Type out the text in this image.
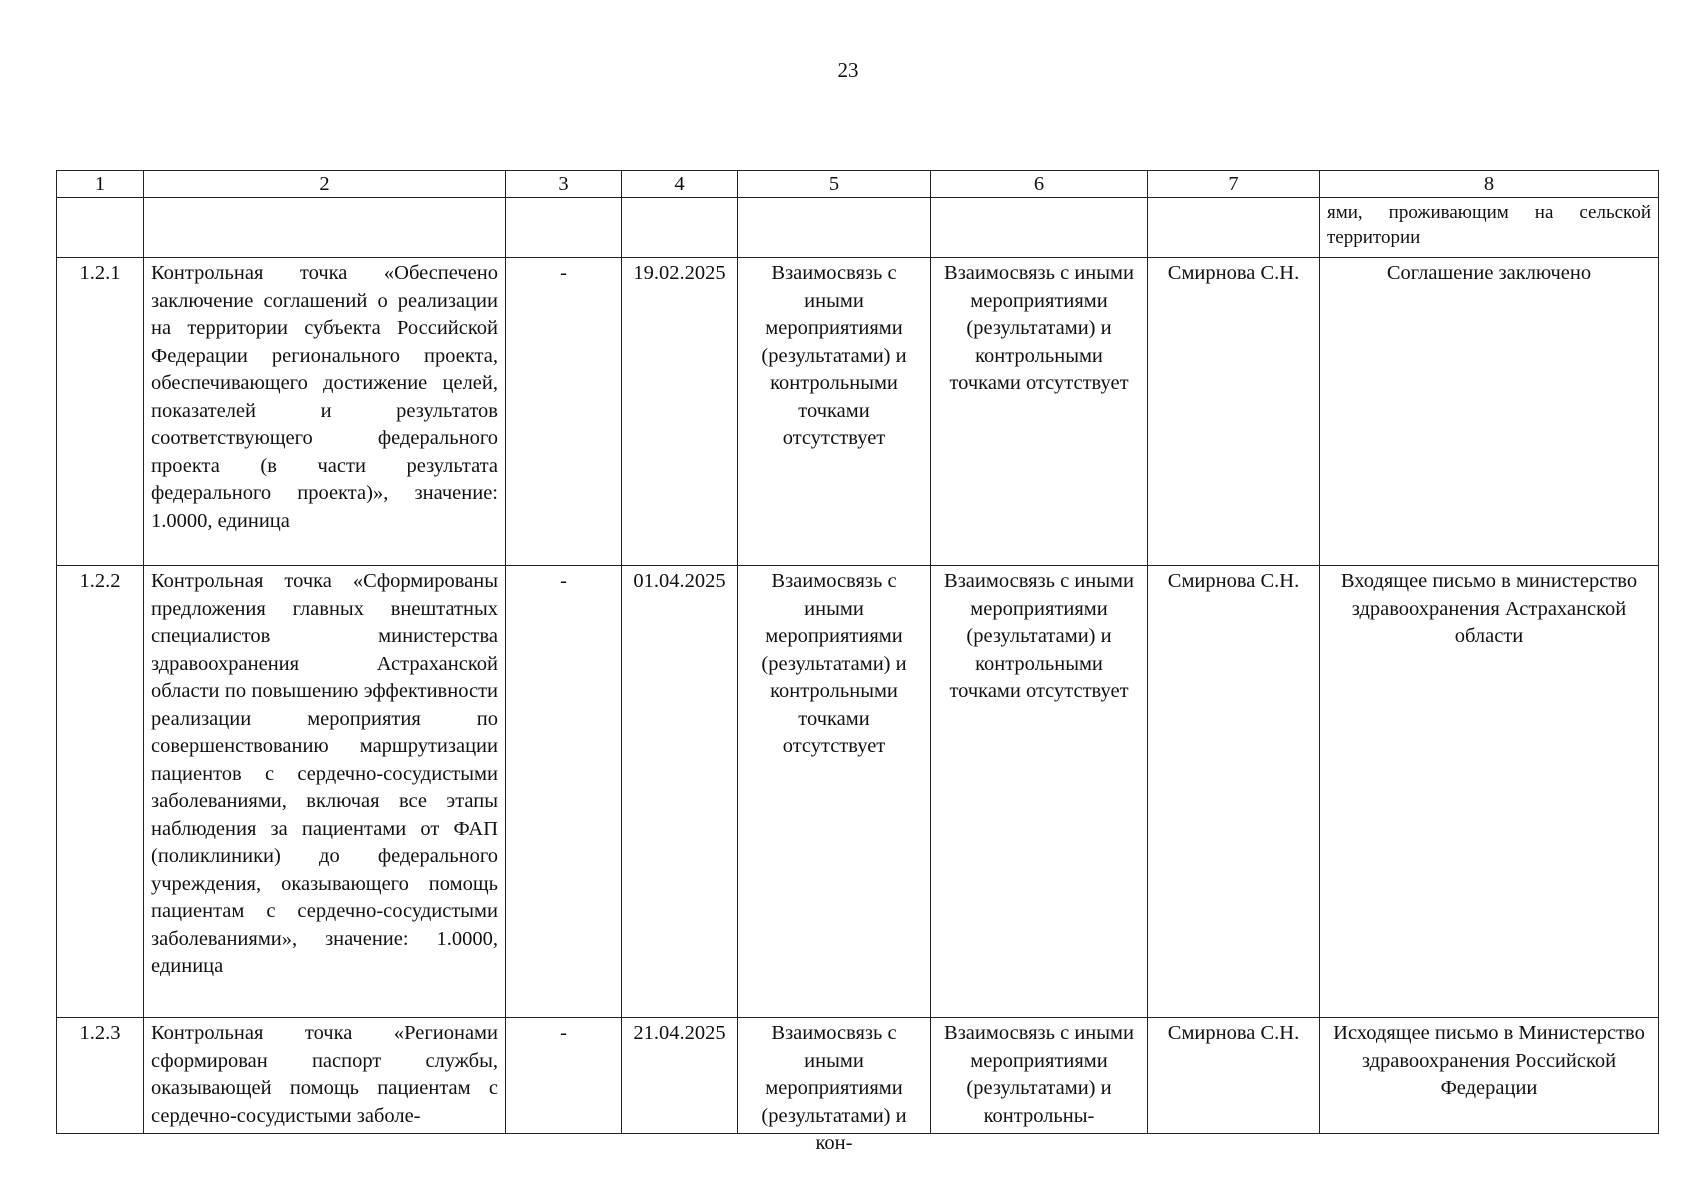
23
1	2	3	4	5	6	7	8
							ями, проживающим на сельской территории
1.2.1	Контрольная точка «Обеспечено заключение соглашений о реализации на территории субъекта Российской Федерации регионального проекта, обеспечивающего достижение целей, показателей и результатов соответствующего федерального проекта (в части результата федерального проекта)», значение: 1.0000, единица	-	19.02.2025	Взаимосвязь с иными мероприятиями (результатами) и контрольными точками отсутствует	Взаимосвязь с иными мероприятиями (результатами) и контрольными точками отсутствует	Смирнова С.Н.	Соглашение заключено
1.2.2	Контрольная точка «Сформированы предложения главных внештатных специалистов министерства здравоохранения Астраханской области по повышению эффективности реализации мероприятия по совершенствованию маршрутизации пациентов с сердечно-сосудистыми заболеваниями, включая все этапы наблюдения за пациентами от ФАП (поликлиники) до федерального учреждения, оказывающего помощь пациентам с сердечно-сосудистыми заболеваниями», значение: 1.0000, единица	-	01.04.2025	Взаимосвязь с иными мероприятиями (результатами) и контрольными точками отсутствует	Взаимосвязь с иными мероприятиями (результатами) и контрольными точками отсутствует	Смирнова С.Н.	Входящее письмо в министерство здравоохранения Астраханской области
1.2.3	Контрольная точка «Регионами сформирован паспорт службы, оказывающей помощь пациентам с сердечно-сосудистыми заболе-	-	21.04.2025	Взаимосвязь с иными мероприятиями (результатами) и кон-	Взаимосвязь с иными мероприятиями (результатами) и контрольны-	Смирнова С.Н.	Исходящее письмо в Министерство здравоохранения Российской Федерации
